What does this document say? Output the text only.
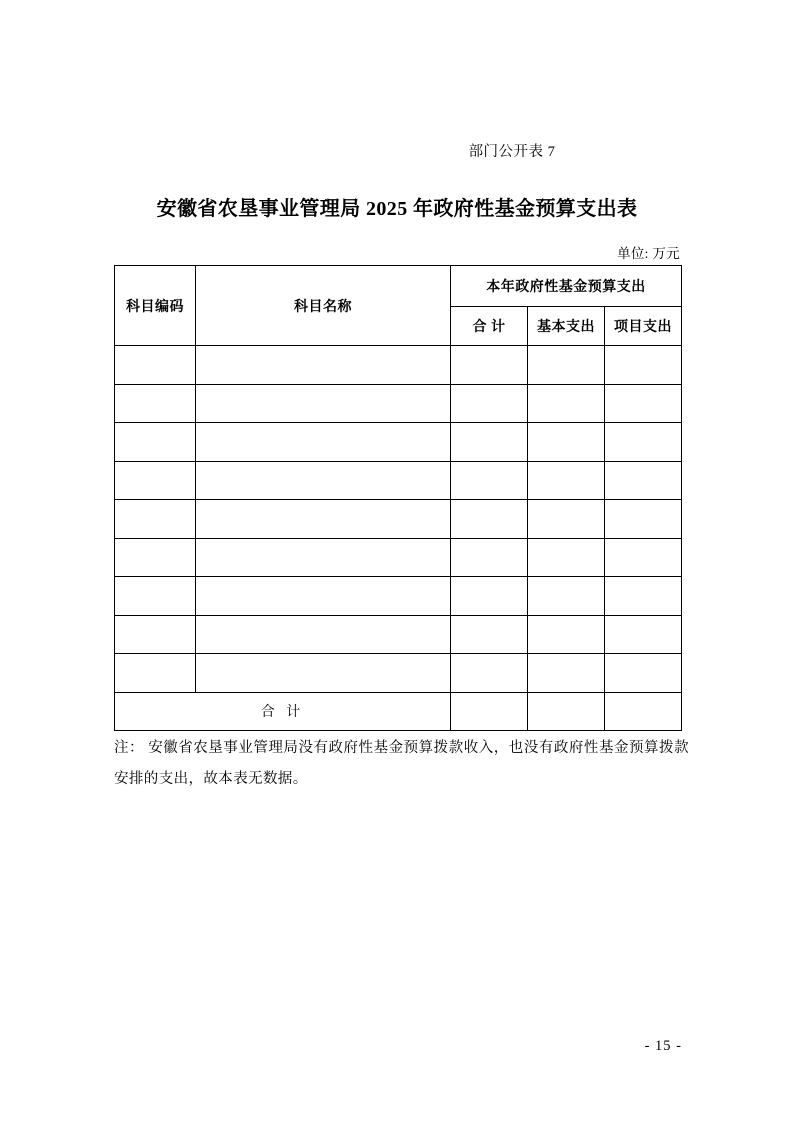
部门公开表 7
安徽省农垦事业管理局 2025 年政府性基金预算支出表
单位: 万元
科目编码	科目名称	本年政府性基金预算支出		
		合 计	基本支出	项目支出

合 计				
注： 安徽省农垦事业管理局没有政府性基金预算拨款收入，也没有政府性基金预算拨款安排的支出，故本表无数据。
- 15 -
